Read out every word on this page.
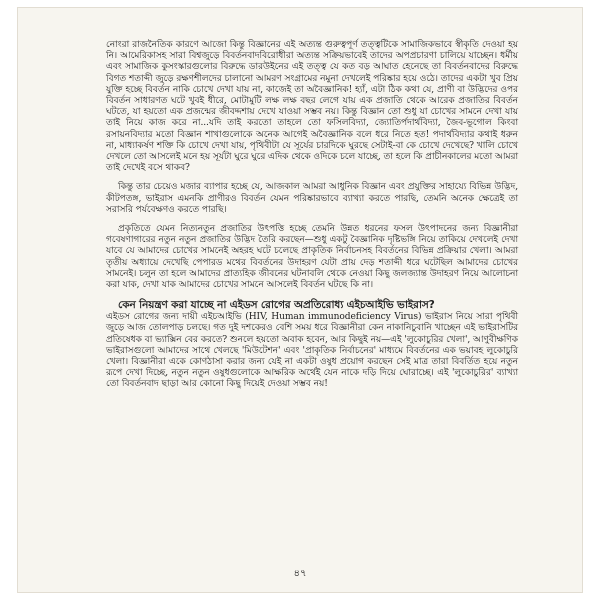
নোংরা রাজনৈতিক কারণে আজো কিন্তু বিজ্ঞানের এই অত্যন্ত গুরুত্বপূর্ণ তত্ত্বটিকে সামাজিকভাবে স্বীকৃতি দেওয়া হয় নি। আমেরিকাসহ সারা বিশ্বজুড়ে বিবর্তনবাদবিরোধীরা অত্যন্ত সক্রিয়ভাবেই তাদের অপপ্রচারণা চালিয়ে যাচ্ছেন। ধর্মীয় এবং সামাজিক কুসংস্কারগুলোর বিরুদ্ধে ডারউইনের এই তত্ত্ব যে কত বড় আঘাত হেনেছে তা বিবর্তনবাদের বিরুদ্ধে বিগত শতাব্দী জুড়ে রক্ষণশীলদের চালানো আমরণ সংগ্রামের নমুনা দেখলেই পরিষ্কার হয়ে ওঠে। তাদের একটা খুব প্রিয় যুক্তি হচ্ছে বিবর্তন নাকি চোখে দেখা যায় না, কাজেই তা অবৈজ্ঞানিক! হ্যাঁ, এটা ঠিক কথা যে, প্রাণী বা উদ্ভিদের ওপর বিবর্তন সাধারণত ঘটে খুবই ধীরে, মোটামুটি লক্ষ লক্ষ বছর লেগে যায় এক প্রজাতি থেকে আরেক প্রজাতির বিবর্তন ঘটতে, যা হয়তো এক প্রজন্মের জীবদ্দশায় দেখে যাওয়া সম্ভব নয়। কিন্তু বিজ্ঞান তো শুধু যা চোখের সামনে দেখা যায় তাই নিয়ে কাজ করে না...যদি তাই করতো তাহলে তো ফসিলবিদ্যা, জ্যোতির্পদার্থবিদ্যা, জৈব-ভূগোল কিংবা রসায়নবিদ্যার মতো বিজ্ঞান শাখাগুলোকে অনেক আগেই অবৈজ্ঞানিক বলে ধরে নিতে হত! পদার্থবিদ্যার কথাই ধরুন না, মাধ্যাকর্ষণ শক্তি কি চোখে দেখা যায়, পৃথিবীটা যে সূর্যের চারদিকে ঘুরছে সেটাই-বা কে চোখে দেখেছে? খালি চোখে দেখলে তো আসলেই মনে হয় সূর্যটা ঘুরে ঘুরে এদিক থেকে ওদিকে চলে যাচ্ছে, তা হলে কি প্রাচীনকালের মতো আমরা তাই দেখেই বসে থাকব?

কিন্তু তার চেয়েও মজার ব্যাপার হচ্ছে যে, আজকাল আমরা আধুনিক বিজ্ঞান এবং প্রযুক্তির সাহায্যে বিভিন্ন উদ্ভিদ, কীটপতঙ্গ, ভাইরাস এমনকি প্রাণীরও বিবর্তন যেমন পরিষ্কারভাবে ব্যাখ্যা করতে পারছি, তেমনি অনেক ক্ষেত্রেই তা সরাসরি পর্যবেক্ষণও করতে পারছি।

প্রকৃতিতে যেমন নিত্যনতুন প্রজাতির উৎপত্তি হচ্ছে তেমনি উন্নত ধরনের ফসল উৎপাদনের জন্য বিজ্ঞানীরা গবেষণাগারের নতুন নতুন প্রজাতির উদ্ভিদ তৈরি করছেন—শুধু একটু বৈজ্ঞানিক দৃষ্টিভঙ্গি নিয়ে তাকিয়ে দেখলেই দেখা যাবে যে আমাদের চোখের সামনেই অহরহ ঘটে চলেছে প্রাকৃতিক নির্বাচনসহ বিবর্তনের বিভিন্ন প্রক্রিয়ার খেলা। আমরা তৃতীয় অধ্যায়ে দেখেছি পেপারড মথের বিবর্তনের উদাহরণ যেটা প্রায় দেড় শতাব্দী ধরে ঘটেছিল আমাদের চোখের সামনেই। চলুন তা হলে আমাদের প্রাত্যহিক জীবনের ঘটনাবলি থেকে নেওয়া কিছু জলজ্যান্ত উদাহরণ নিয়ে আলোচনা করা যাক, দেখা যাক আমাদের চোখের সামনে আসলেই বিবর্তন ঘটছে কি না।

কেন নিয়ন্ত্রণ করা যাচ্ছে না এইডস রোগের অপ্রতিরোধ্য এইচআইভি ভাইরাস?

এইডস রোগের জন্য দায়ী এইচআইভি (HIV, Human immunodeficiency Virus) ভাইরাস নিয়ে সারা পৃথিবী জুড়ে আজ তোলপাড় চলছে। গত দুই দশকেরও বেশি সময় ধরে বিজ্ঞানীরা কেন নাকানিচুবানি খাচ্ছেন এই ভাইরাসটির প্রতিষেধক বা ভ্যাক্সিন বের করতে? শুনলে হয়তো অবাক হবেন, আর কিছুই নয়—এই 'লুকোচুরির খেলা', আণুবীক্ষণিক ভাইরাসগুলো আমাদের সাথে খেলছে 'মিউটেশন' এবং 'প্রাকৃতিক নির্বাচনের' মাধ্যমে বিবর্তনের এক ভয়াবহ লুকোচুরি খেলা। বিজ্ঞানীরা একে কোণঠাসা করার জন্য যেই না একটা ওষুধ প্রয়োগ করছেন সেই মাত্র তারা বিবর্তিত হয়ে নতুন রূপে দেখা দিচ্ছে, নতুন নতুন ওষুধগুলোকে আক্ষরিক অর্থেই যেন নাকে দড়ি দিয়ে ঘোরাচ্ছে। এই 'লুকোচুরির' ব্যাখ্যা তো বিবর্তনবাদ ছাড়া আর কোনো কিছু দিয়েই দেওয়া সম্ভব নয়!

৪৭
